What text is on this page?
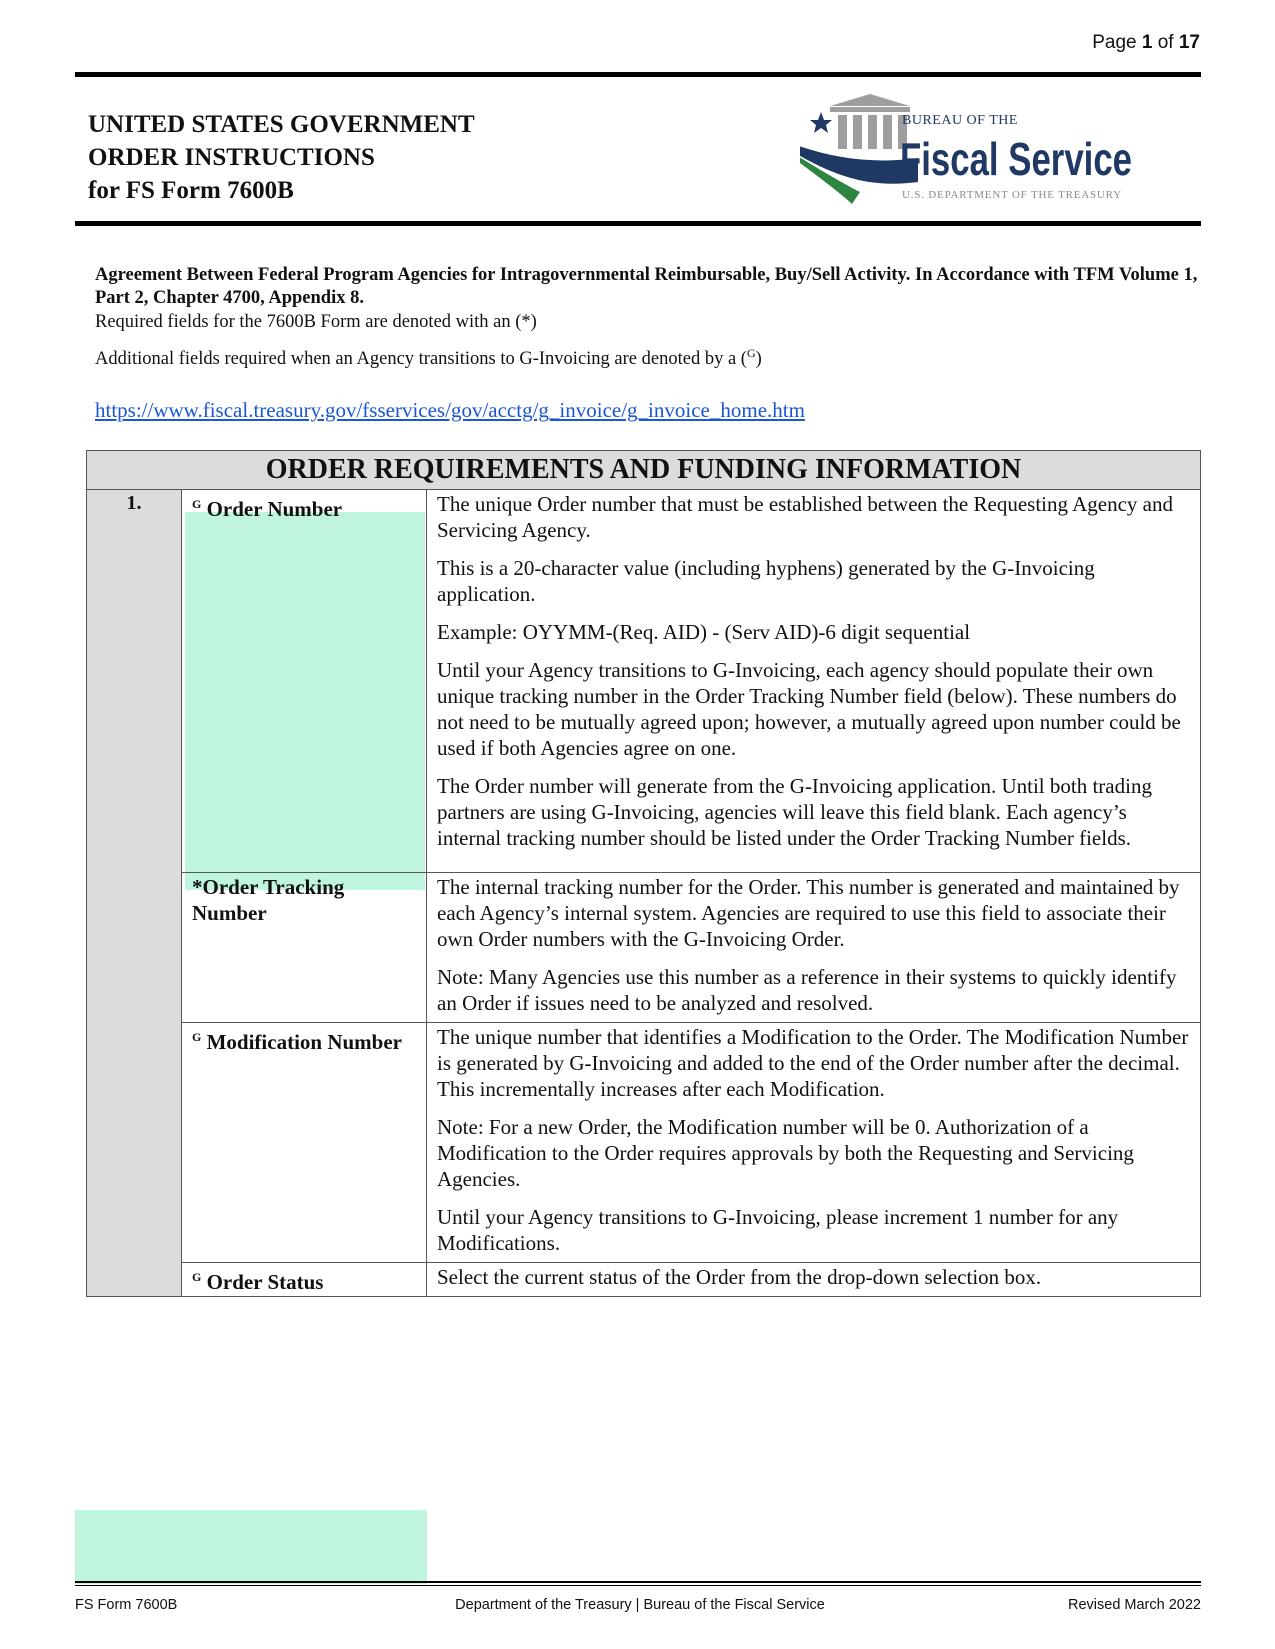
Page 1 of 17
UNITED STATES GOVERNMENT
ORDER INSTRUCTIONS
for FS Form 7600B
BUREAU OF THE
Fiscal Service
U.S. DEPARTMENT OF THE TREASURY
Agreement Between Federal Program Agencies for Intragovernmental Reimbursable, Buy/Sell Activity. In Accordance with TFM Volume 1, Part 2, Chapter 4700, Appendix 8.
Required fields for the 7600B Form are denoted with an (*)
Additional fields required when an Agency transitions to G-Invoicing are denoted by a ($^G$)
https://www.fiscal.treasury.gov/fsservices/gov/acctg/g_invoice/g_invoice_home.htm
ORDER REQUIREMENTS AND FUNDING INFORMATION		
1.	$^G$ Order Number	The unique Order number that must be established between the Requesting Agency and Servicing Agency.

This is a 20-character value (including hyphens) generated by the G-Invoicing application.

Example: OYYMM-(Req. AID) - (Serv AID)-6 digit sequential

Until your Agency transitions to G-Invoicing, each agency should populate their own unique tracking number in the Order Tracking Number field (below). These numbers do not need to be mutually agreed upon; however, a mutually agreed upon number could be used if both Agencies agree on one.

The Order number will generate from the G-Invoicing application. Until both trading partners are using G-Invoicing, agencies will leave this field blank. Each agency’s internal tracking number should be listed under the Order Tracking Number fields.

	*Order Tracking Number	The internal tracking number for the Order. This number is generated and maintained by each Agency’s internal system. Agencies are required to use this field to associate their own Order numbers with the G-Invoicing Order.

Note: Many Agencies use this number as a reference in their systems to quickly identify an Order if issues need to be analyzed and resolved.

	$^G$ Modification Number	The unique number that identifies a Modification to the Order. The Modification Number is generated by G-Invoicing and added to the end of the Order number after the decimal. This incrementally increases after each Modification.

Note: For a new Order, the Modification number will be 0. Authorization of a Modification to the Order requires approvals by both the Requesting and Servicing Agencies.

Until your Agency transitions to G-Invoicing, please increment 1 number for any Modifications.

	$^G$ Order Status	Select the current status of the Order from the drop-down selection box.

FS Form 7600B	Department of the Treasury | Bureau of the Fiscal Service	Revised March 2022
